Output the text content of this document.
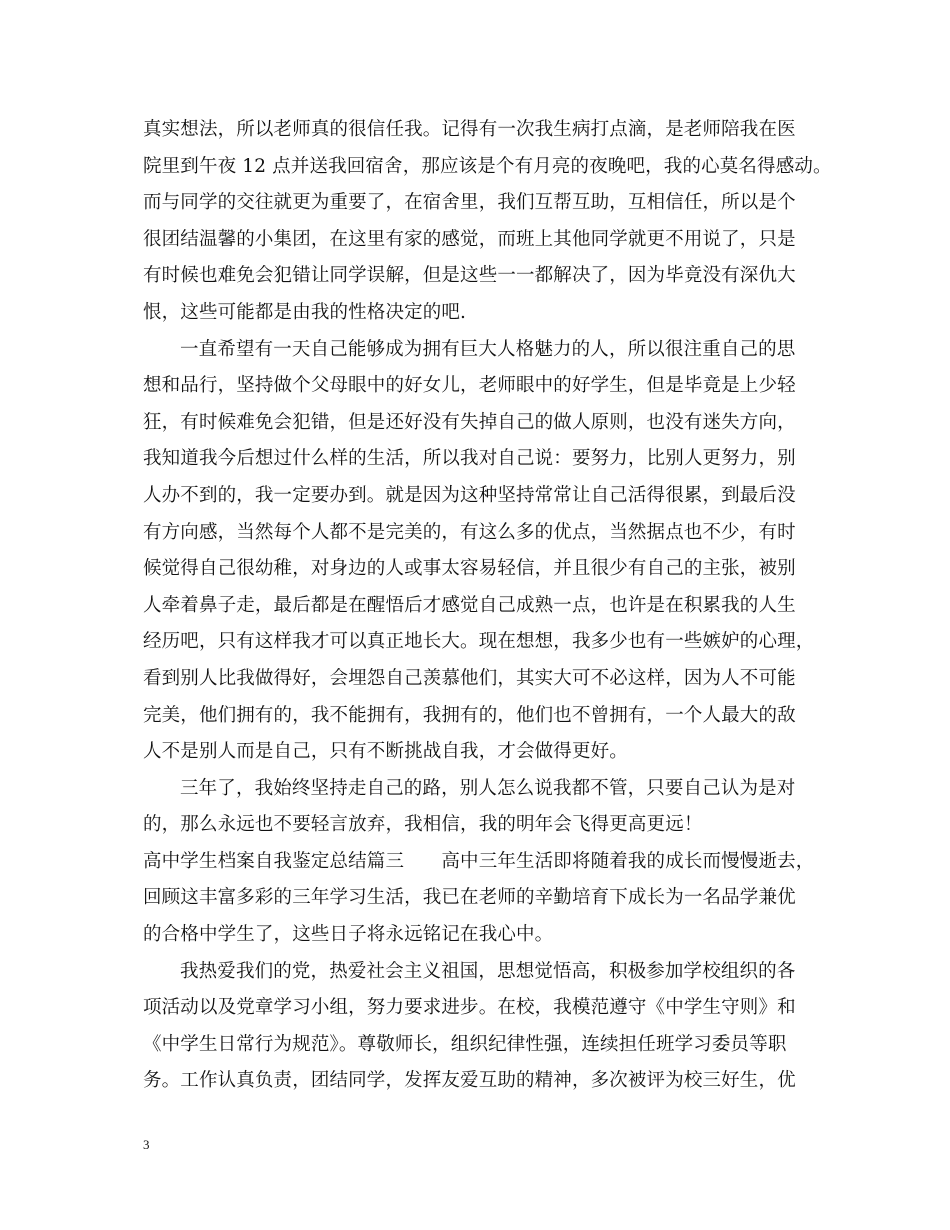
真实想法，所以老师真的很信任我。记得有一次我生病打点滴，是老师陪我在医
院里到午夜 12 点并送我回宿舍，那应该是个有月亮的夜晚吧，我的心莫名得感动。
而与同学的交往就更为重要了，在宿舍里，我们互帮互助，互相信任，所以是个
很团结温馨的小集团，在这里有家的感觉，而班上其他同学就更不用说了，只是
有时候也难免会犯错让同学误解，但是这些一一都解决了，因为毕竟没有深仇大
恨，这些可能都是由我的性格决定的吧.
一直希望有一天自己能够成为拥有巨大人格魅力的人，所以很注重自己的思
想和品行，坚持做个父母眼中的好女儿，老师眼中的好学生，但是毕竟是上少轻
狂，有时候难免会犯错，但是还好没有失掉自己的做人原则，也没有迷失方向，
我知道我今后想过什么样的生活，所以我对自己说：要努力，比别人更努力，别
人办不到的，我一定要办到。就是因为这种坚持常常让自己活得很累，到最后没
有方向感，当然每个人都不是完美的，有这么多的优点，当然据点也不少，有时
候觉得自己很幼稚，对身边的人或事太容易轻信，并且很少有自己的主张，被别
人牵着鼻子走，最后都是在醒悟后才感觉自己成熟一点，也许是在积累我的人生
经历吧，只有这样我才可以真正地长大。现在想想，我多少也有一些嫉妒的心理，
看到别人比我做得好，会埋怨自己羡慕他们，其实大可不必这样，因为人不可能
完美，他们拥有的，我不能拥有，我拥有的，他们也不曾拥有，一个人最大的敌
人不是别人而是自己，只有不断挑战自我，才会做得更好。
三年了，我始终坚持走自己的路，别人怎么说我都不管，只要自己认为是对
的，那么永远也不要轻言放弃，我相信，我的明年会飞得更高更远！
高中学生档案自我鉴定总结篇三　　高中三年生活即将随着我的成长而慢慢逝去，
回顾这丰富多彩的三年学习生活，我已在老师的辛勤培育下成长为一名品学兼优
的合格中学生了，这些日子将永远铭记在我心中。
我热爱我们的党，热爱社会主义祖国，思想觉悟高，积极参加学校组织的各
项活动以及党章学习小组，努力要求进步。在校，我模范遵守《中学生守则》和
《中学生日常行为规范》。尊敬师长，组织纪律性强，连续担任班学习委员等职
务。工作认真负责，团结同学，发挥友爱互助的精神，多次被评为校三好生，优
3
